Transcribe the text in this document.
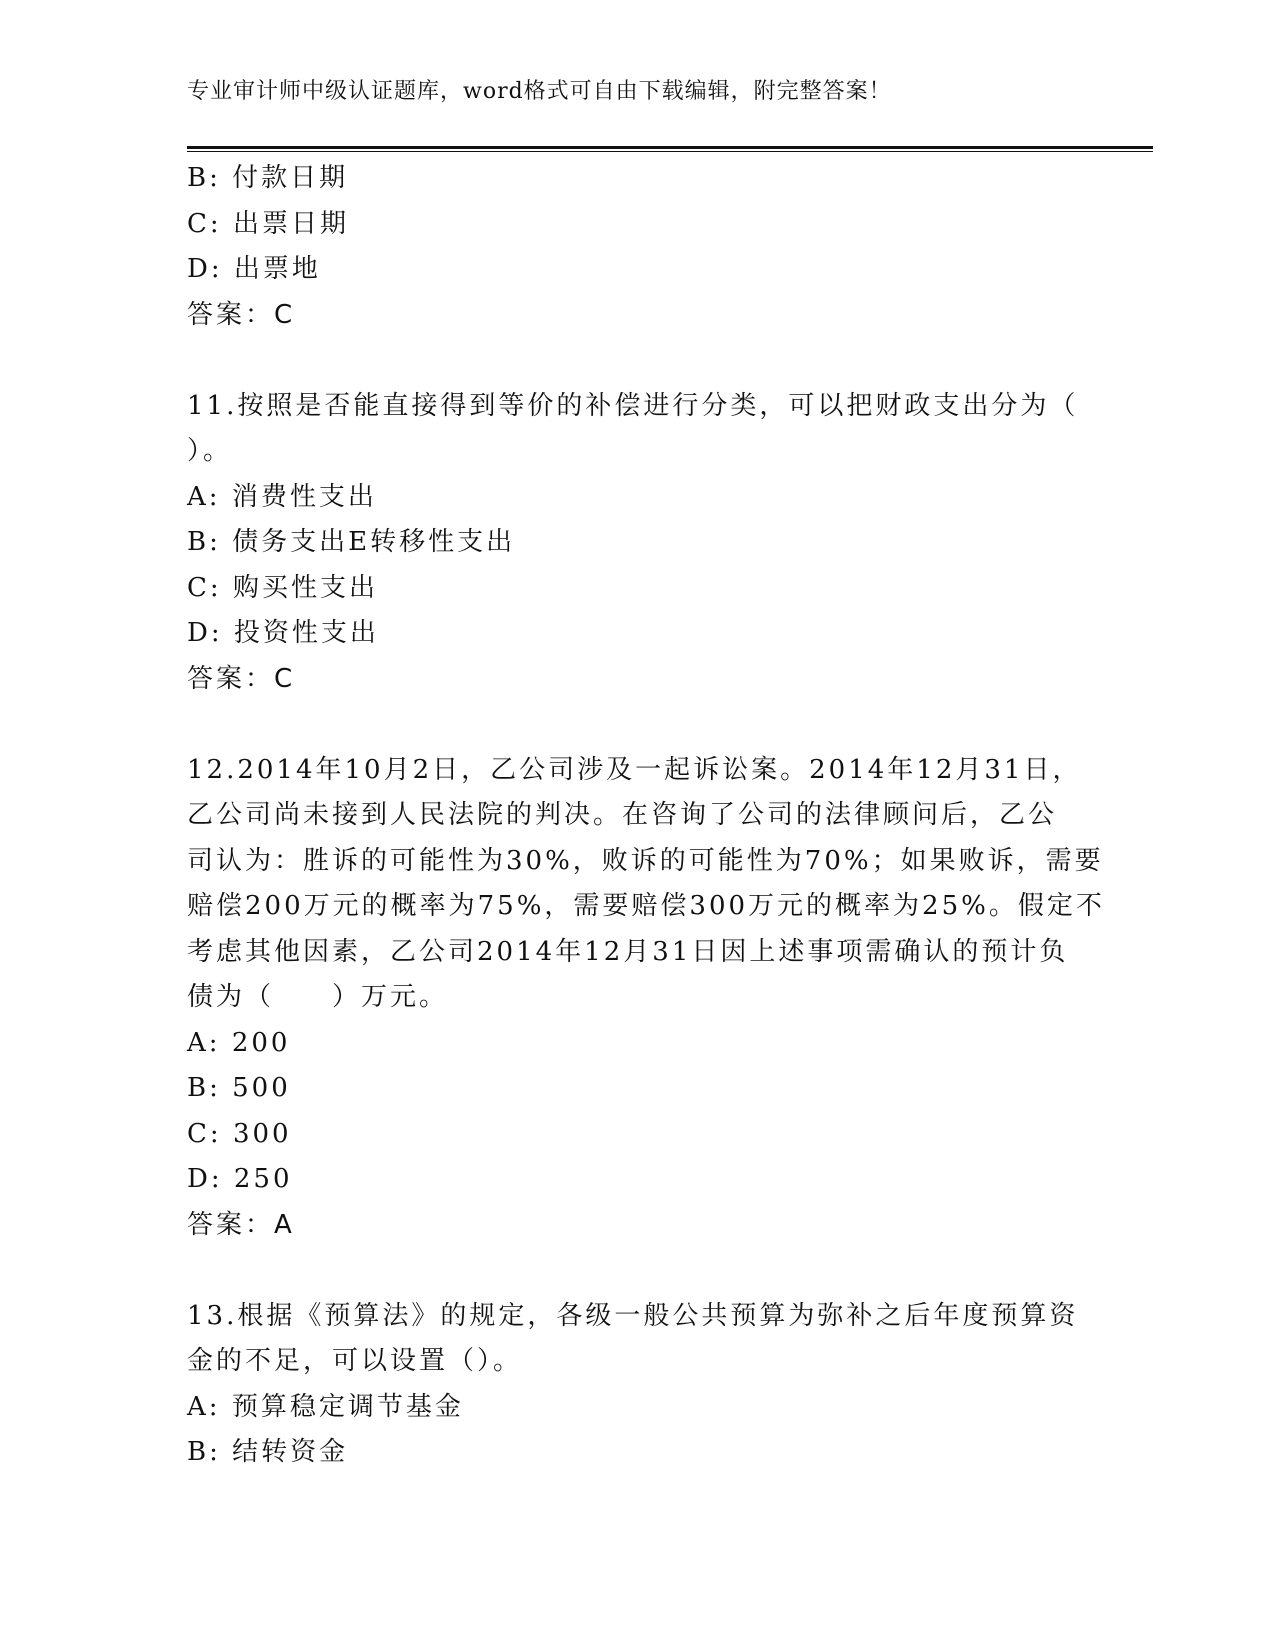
专业审计师中级认证题库，word格式可自由下载编辑，附完整答案！
B: 付款日期
C: 出票日期
D: 出票地
答案：C
11.按照是否能直接得到等价的补偿进行分类，可以把财政支出分为（
）。
A: 消费性支出
B: 债务支出E转移性支出
C: 购买性支出
D: 投资性支出
答案：C
12.2014年10月2日，乙公司涉及一起诉讼案。2014年12月31日，
乙公司尚未接到人民法院的判决。在咨询了公司的法律顾问后，乙公
司认为：胜诉的可能性为30%，败诉的可能性为70%；如果败诉，需要
赔偿200万元的概率为75%，需要赔偿300万元的概率为25%。假定不
考虑其他因素，乙公司2014年12月31日因上述事项需确认的预计负
债为（　　）万元。
A: 200
B: 500
C: 300
D: 250
答案：A
13.根据《预算法》的规定，各级一般公共预算为弥补之后年度预算资
金的不足，可以设置（）。
A: 预算稳定调节基金
B: 结转资金
